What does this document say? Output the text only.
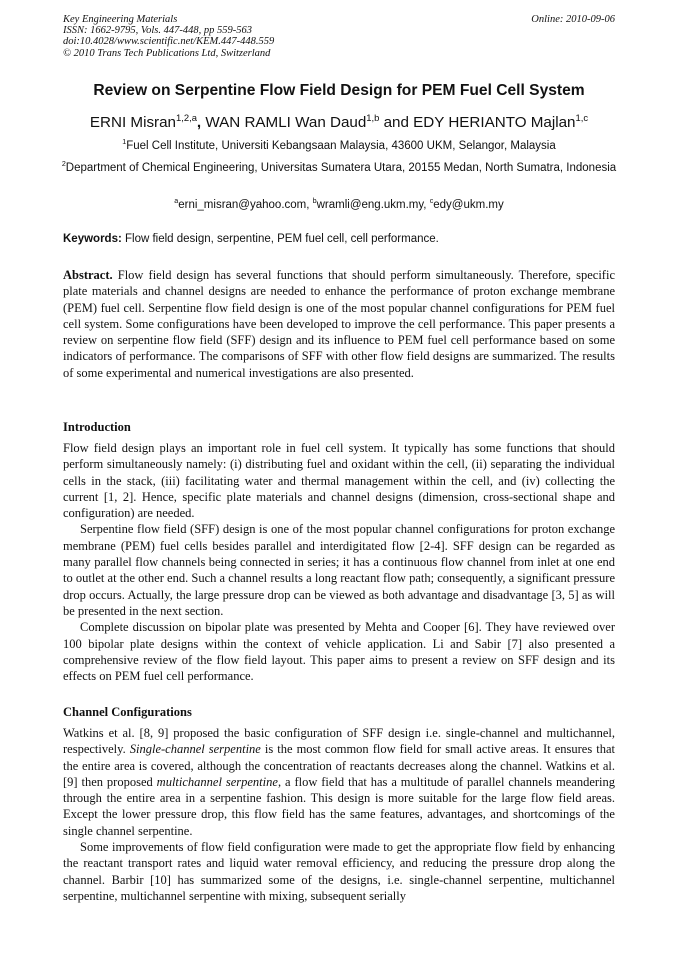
Key Engineering Materials
ISSN: 1662-9795, Vols. 447-448, pp 559-563
doi:10.4028/www.scientific.net/KEM.447-448.559
© 2010 Trans Tech Publications Ltd, Switzerland
Online: 2010-09-06
Review on Serpentine Flow Field Design for PEM Fuel Cell System
ERNI Misran$^{1,2,a}$, WAN RAMLI Wan Daud$^{1,b}$ and EDY HERIANTO Majlan$^{1,c}$
$^1$Fuel Cell Institute, Universiti Kebangsaan Malaysia, 43600 UKM, Selangor, Malaysia
$^2$Department of Chemical Engineering, Universitas Sumatera Utara, 20155 Medan, North Sumatra, Indonesia
$^a$erni_misran@yahoo.com, $^b$wramli@eng.ukm.my, $^c$edy@ukm.my
Keywords: Flow field design, serpentine, PEM fuel cell, cell performance.

Abstract. Flow field design has several functions that should perform simultaneously. Therefore, specific plate materials and channel designs are needed to enhance the performance of proton exchange membrane (PEM) fuel cell. Serpentine flow field design is one of the most popular channel configurations for PEM fuel cell system. Some configurations have been developed to improve the cell performance. This paper presents a review on serpentine flow field (SFF) design and its influence to PEM fuel cell performance based on some indicators of performance. The comparisons of SFF with other flow field designs are summarized. The results of some experimental and numerical investigations are also presented.

Introduction

Flow field design plays an important role in fuel cell system. It typically has some functions that should perform simultaneously namely: (i) distributing fuel and oxidant within the cell, (ii) separating the individual cells in the stack, (iii) facilitating water and thermal management within the cell, and (iv) collecting the current [1, 2]. Hence, specific plate materials and channel designs (dimension, cross-sectional shape and configuration) are needed.

Serpentine flow field (SFF) design is one of the most popular channel configurations for proton exchange membrane (PEM) fuel cells besides parallel and interdigitated flow [2-4]. SFF design can be regarded as many parallel flow channels being connected in series; it has a continuous flow channel from inlet at one end to outlet at the other end. Such a channel results a long reactant flow path; consequently, a significant pressure drop occurs. Actually, the large pressure drop can be viewed as both advantage and disadvantage [3, 5] as will be presented in the next section.

Complete discussion on bipolar plate was presented by Mehta and Cooper [6]. They have reviewed over 100 bipolar plate designs within the context of vehicle application. Li and Sabir [7] also presented a comprehensive review of the flow field layout. This paper aims to present a review on SFF design and its effects on PEM fuel cell performance.

Channel Configurations

Watkins et al. [8, 9] proposed the basic configuration of SFF design i.e. single-channel and multichannel, respectively. Single-channel serpentine is the most common flow field for small active areas. It ensures that the entire area is covered, although the concentration of reactants decreases along the channel. Watkins et al. [9] then proposed multichannel serpentine, a flow field that has a multitude of parallel channels meandering through the entire area in a serpentine fashion. This design is more suitable for the large flow field areas. Except the lower pressure drop, this flow field has the same features, advantages, and shortcomings of the single channel serpentine.

Some improvements of flow field configuration were made to get the appropriate flow field by enhancing the reactant transport rates and liquid water removal efficiency, and reducing the pressure drop along the channel. Barbir [10] has summarized some of the designs, i.e. single-channel serpentine, multichannel serpentine, multichannel serpentine with mixing, subsequent serially
